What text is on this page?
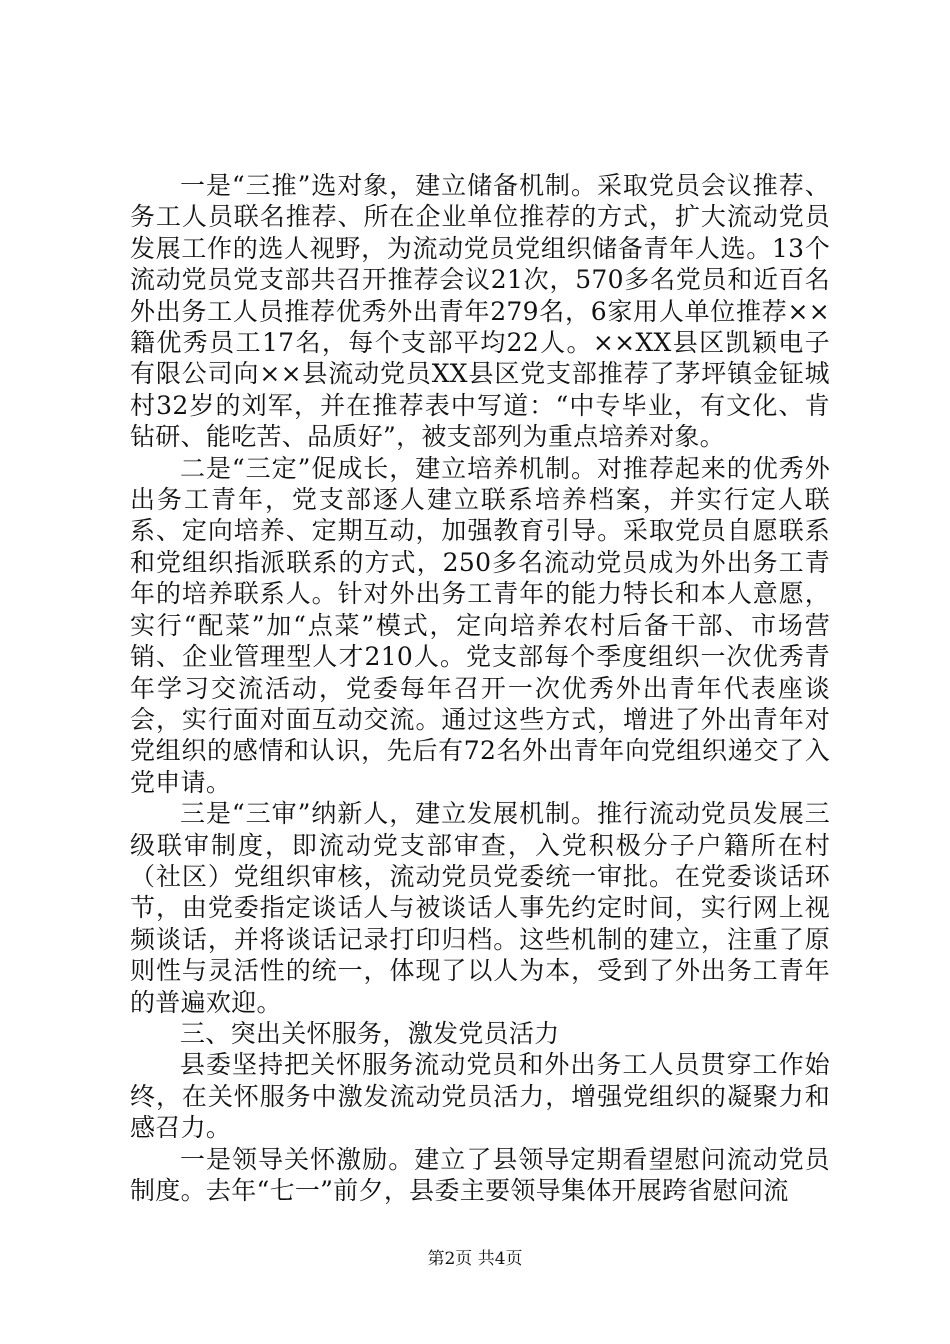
一是“三推”选对象，建立储备机制。采取党员会议推荐、务工人员联名推荐、所在企业单位推荐的方式，扩大流动党员发展工作的选人视野，为流动党员党组织储备青年人选。13个流动党员党支部共召开推荐会议21次，570多名党员和近百名外出务工人员推荐优秀外出青年279名，6家用人单位推荐××籍优秀员工17名，每个支部平均22人。××XX县区凯颖电子有限公司向××县流动党员XX县区党支部推荐了茅坪镇金钲城村32岁的刘军，并在推荐表中写道：“中专毕业，有文化、肯钻研、能吃苦、品质好”，被支部列为重点培养对象。

二是“三定”促成长，建立培养机制。对推荐起来的优秀外出务工青年，党支部逐人建立联系培养档案，并实行定人联系、定向培养、定期互动，加强教育引导。采取党员自愿联系和党组织指派联系的方式，250多名流动党员成为外出务工青年的培养联系人。针对外出务工青年的能力特长和本人意愿，实行“配菜”加“点菜”模式，定向培养农村后备干部、市场营销、企业管理型人才210人。党支部每个季度组织一次优秀青年学习交流活动，党委每年召开一次优秀外出青年代表座谈会，实行面对面互动交流。通过这些方式，增进了外出青年对党组织的感情和认识，先后有72名外出青年向党组织递交了入党申请。

三是“三审”纳新人，建立发展机制。推行流动党员发展三级联审制度，即流动党支部审查，入党积极分子户籍所在村（社区）党组织审核，流动党员党委统一审批。在党委谈话环节，由党委指定谈话人与被谈话人事先约定时间，实行网上视频谈话，并将谈话记录打印归档。这些机制的建立，注重了原则性与灵活性的统一，体现了以人为本，受到了外出务工青年的普遍欢迎。

三、突出关怀服务，激发党员活力

县委坚持把关怀服务流动党员和外出务工人员贯穿工作始终，在关怀服务中激发流动党员活力，增强党组织的凝聚力和感召力。

一是领导关怀激励。建立了县领导定期看望慰问流动党员制度。去年“七一”前夕，县委主要领导集体开展跨省慰问流

第2页 共4页
